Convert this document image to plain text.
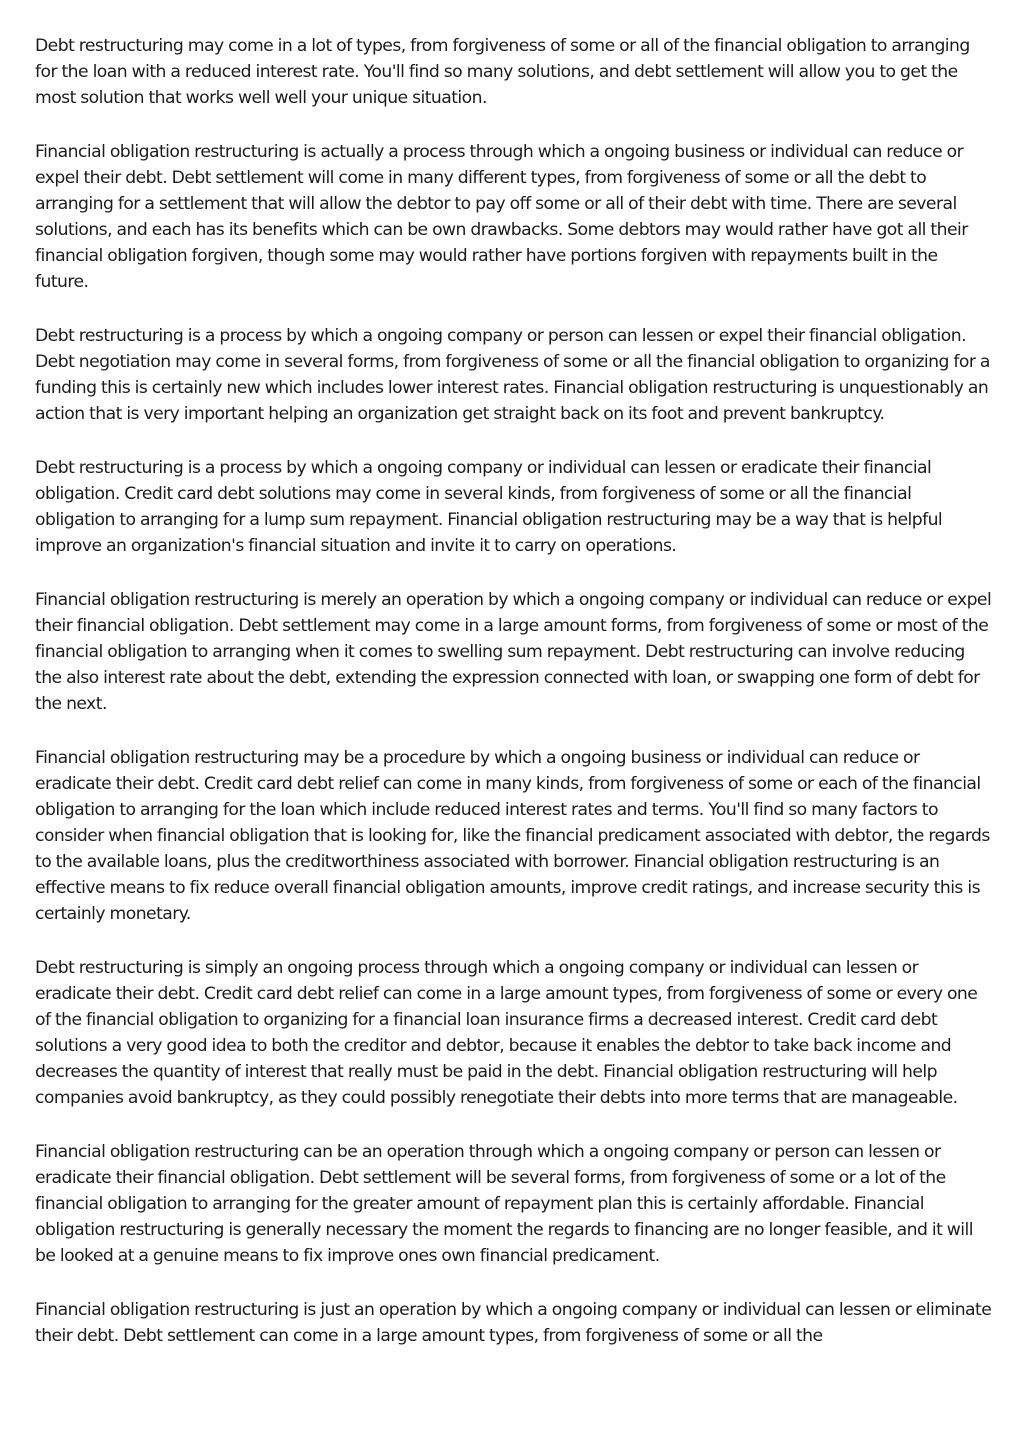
Debt restructuring may come in a lot of types, from forgiveness of some or all of the financial obligation to arranging for the loan with a reduced interest rate. You'll find so many solutions, and debt settlement will allow you to get the most solution that works well well your unique situation.

Financial obligation restructuring is actually a process through which a ongoing business or individual can reduce or expel their debt. Debt settlement will come in many different types, from forgiveness of some or all the debt to arranging for a settlement that will allow the debtor to pay off some or all of their debt with time. There are several solutions, and each has its benefits which can be own drawbacks. Some debtors may would rather have got all their financial obligation forgiven, though some may would rather have portions forgiven with repayments built in the future.

Debt restructuring is a process by which a ongoing company or person can lessen or expel their financial obligation. Debt negotiation may come in several forms, from forgiveness of some or all the financial obligation to organizing for a funding this is certainly new which includes lower interest rates. Financial obligation restructuring is unquestionably an action that is very important helping an organization get straight back on its foot and prevent bankruptcy.

Debt restructuring is a process by which a ongoing company or individual can lessen or eradicate their financial obligation. Credit card debt solutions may come in several kinds, from forgiveness of some or all the financial obligation to arranging for a lump sum repayment. Financial obligation restructuring may be a way that is helpful improve an organization's financial situation and invite it to carry on operations.

Financial obligation restructuring is merely an operation by which a ongoing company or individual can reduce or expel their financial obligation. Debt settlement may come in a large amount forms, from forgiveness of some or most of the financial obligation to arranging when it comes to swelling sum repayment. Debt restructuring can involve reducing the also interest rate about the debt, extending the expression connected with loan, or swapping one form of debt for the next.

Financial obligation restructuring may be a procedure by which a ongoing business or individual can reduce or eradicate their debt. Credit card debt relief can come in many kinds, from forgiveness of some or each of the financial obligation to arranging for the loan which include reduced interest rates and terms. You'll find so many factors to consider when financial obligation that is looking for, like the financial predicament associated with debtor, the regards to the available loans, plus the creditworthiness associated with borrower. Financial obligation restructuring is an effective means to fix reduce overall financial obligation amounts, improve credit ratings, and increase security this is certainly monetary.

Debt restructuring is simply an ongoing process through which a ongoing company or individual can lessen or eradicate their debt. Credit card debt relief can come in a large amount types, from forgiveness of some or every one of the financial obligation to organizing for a financial loan insurance firms a decreased interest. Credit card debt solutions a very good idea to both the creditor and debtor, because it enables the debtor to take back income and decreases the quantity of interest that really must be paid in the debt. Financial obligation restructuring will help companies avoid bankruptcy, as they could possibly renegotiate their debts into more terms that are manageable.

Financial obligation restructuring can be an operation through which a ongoing company or person can lessen or eradicate their financial obligation. Debt settlement will be several forms, from forgiveness of some or a lot of the financial obligation to arranging for the greater amount of repayment plan this is certainly affordable. Financial obligation restructuring is generally necessary the moment the regards to financing are no longer feasible, and it will be looked at a genuine means to fix improve ones own financial predicament.

Financial obligation restructuring is just an operation by which a ongoing company or individual can lessen or eliminate their debt. Debt settlement can come in a large amount types, from forgiveness of some or all the
